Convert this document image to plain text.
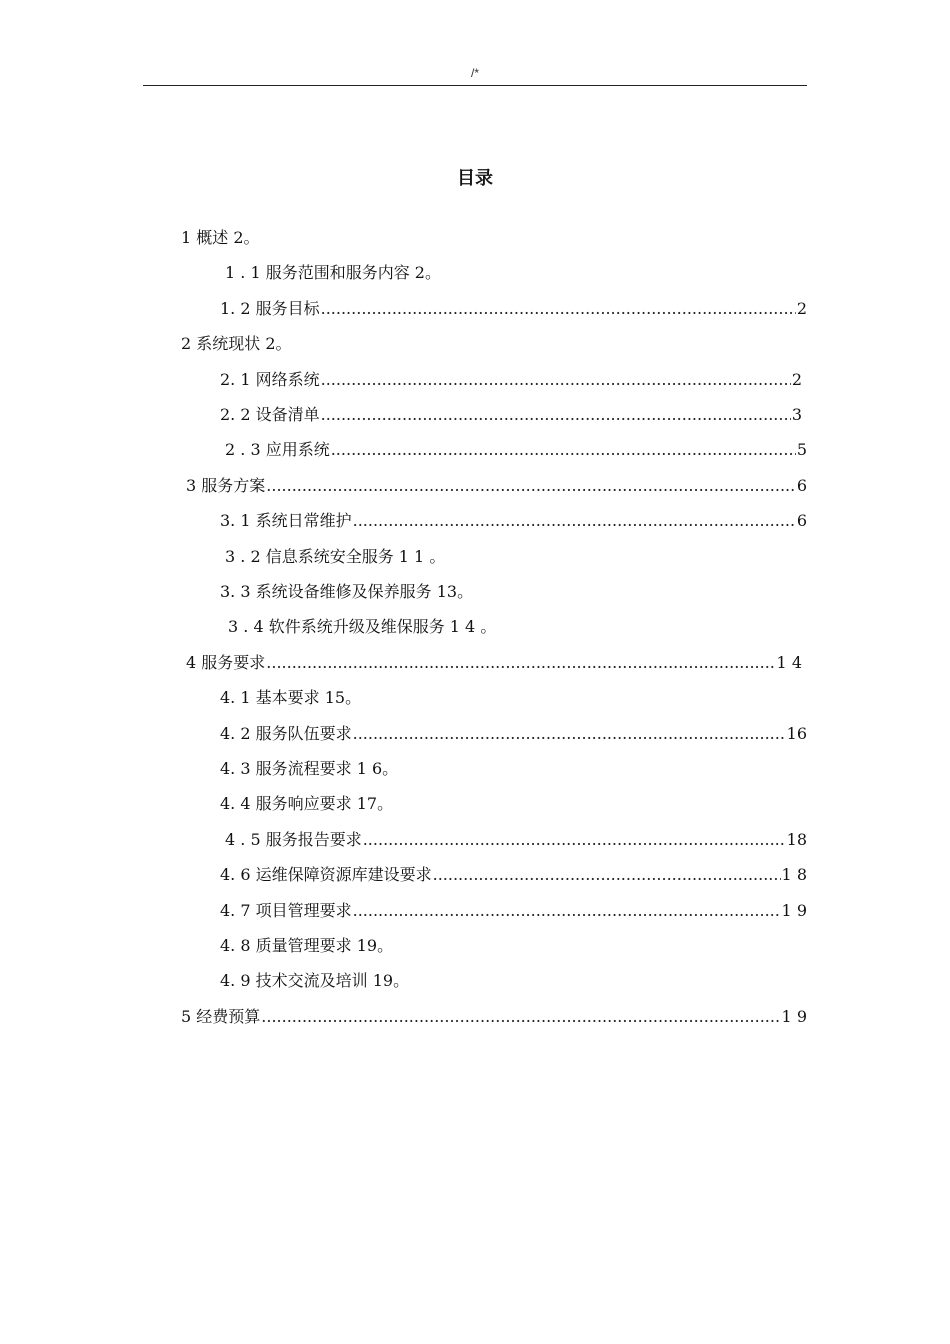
/*
目录
1 概述 2。
1 . 1 服务范围和服务内容 2。
1. 2 服务目标 .....	2
2 系统现状 2。
2. 1 网络系统 .....	2
2. 2 设备清单 .....	3
2 . 3 应用系统 .....	5
3 服务方案 .....	6
3. 1 系统日常维护 .....	6
3 . 2 信息系统安全服务 1 1 。
3. 3 系统设备维修及保养服务 13。
3 . 4 软件系统升级及维保服务 1 4 。
4 服务要求 .....	1 4
4. 1 基本要求 15。
4. 2 服务队伍要求 .....	16
4. 3 服务流程要求 1 6。
4. 4 服务响应要求 17。
4 . 5 服务报告要求 .....	18
4. 6 运维保障资源库建设要求 .....	1 8
4. 7 项目管理要求 .....	1 9
4. 8 质量管理要求 19。
4. 9 技术交流及培训 19。
5 经费预算 .....	1 9
